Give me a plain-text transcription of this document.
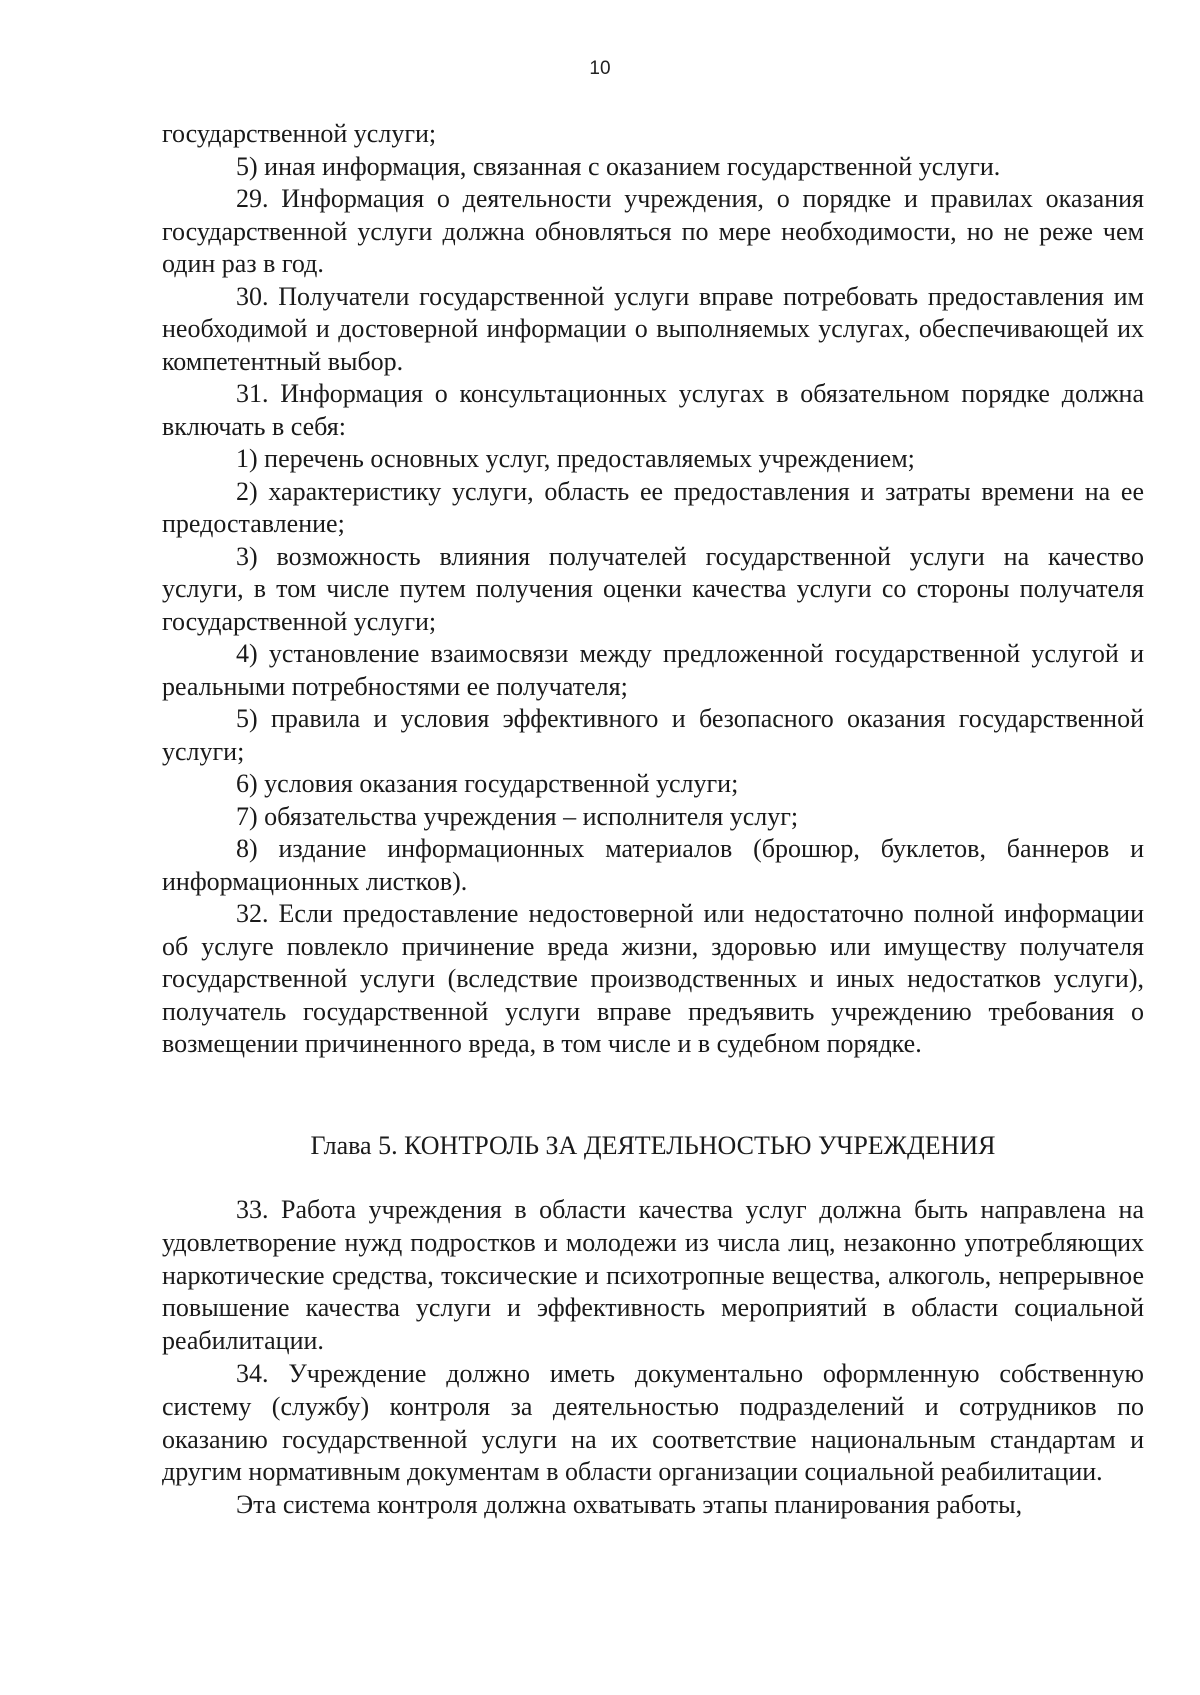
10

государственной услуги;

5) иная информация, связанная с оказанием государственной услуги.

29. Информация о деятельности учреждения, о порядке и правилах оказания государственной услуги должна обновляться по мере необходимости, но не реже чем один раз в год.

30. Получатели государственной услуги вправе потребовать предоставления им необходимой и достоверной информации о выполняемых услугах, обеспечивающей их компетентный выбор.

31. Информация о консультационных услугах в обязательном порядке должна включать в себя:

1) перечень основных услуг, предоставляемых учреждением;

2) характеристику услуги, область ее предоставления и затраты времени на ее предоставление;

3) возможность влияния получателей государственной услуги на качество услуги, в том числе путем получения оценки качества услуги со стороны получателя государственной услуги;

4) установление взаимосвязи между предложенной государственной услугой и реальными потребностями ее получателя;

5) правила и условия эффективного и безопасного оказания государственной услуги;

6) условия оказания государственной услуги;

7) обязательства учреждения – исполнителя услуг;

8) издание информационных материалов (брошюр, буклетов, баннеров и информационных листков).

32. Если предоставление недостоверной или недостаточно полной информации об услуге повлекло причинение вреда жизни, здоровью или имуществу получателя государственной услуги (вследствие производственных и иных недостатков услуги), получатель государственной услуги вправе предъявить учреждению требования о возмещении причиненного вреда, в том числе и в судебном порядке.

Глава 5. КОНТРОЛЬ ЗА ДЕЯТЕЛЬНОСТЬЮ УЧРЕЖДЕНИЯ

33. Работа учреждения в области качества услуг должна быть направлена на удовлетворение нужд подростков и молодежи из числа лиц, незаконно употребляющих наркотические средства, токсические и психотропные вещества, алкоголь, непрерывное повышение качества услуги и эффективность мероприятий в области социальной реабилитации.

34. Учреждение должно иметь документально оформленную собственную систему (службу) контроля за деятельностью подразделений и сотрудников по оказанию государственной услуги на их соответствие национальным стандартам и другим нормативным документам в области организации социальной реабилитации.

Эта система контроля должна охватывать этапы планирования работы,
